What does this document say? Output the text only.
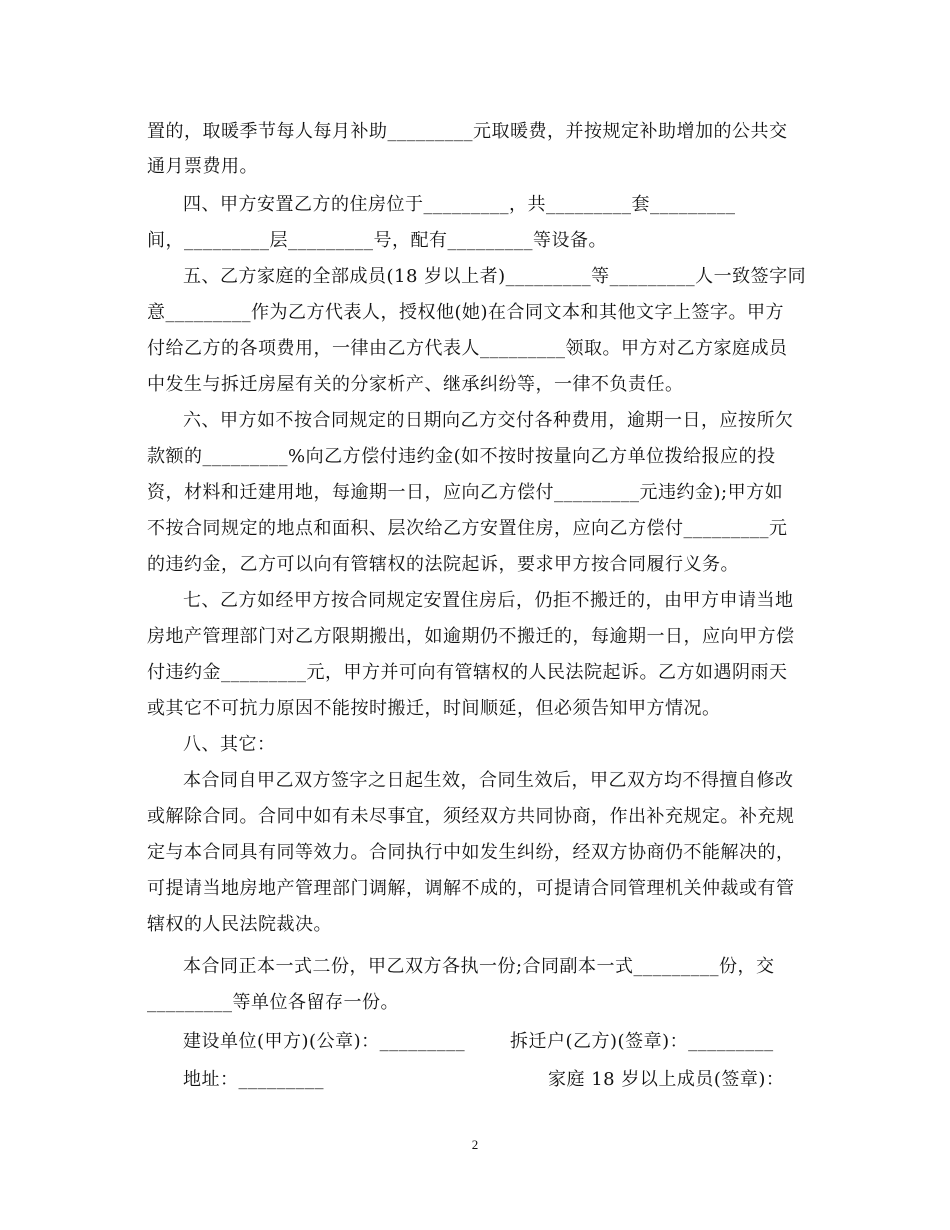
置的，取暖季节每人每月补助_________元取暖费，并按规定补助增加的公共交
通月票费用。
四、甲方安置乙方的住房位于_________，共_________套_________
间，_________层_________号，配有_________等设备。
五、乙方家庭的全部成员(18 岁以上者)_________等_________人一致签字同
意_________作为乙方代表人，授权他(她)在合同文本和其他文字上签字。甲方
付给乙方的各项费用，一律由乙方代表人_________领取。甲方对乙方家庭成员
中发生与拆迁房屋有关的分家析产、继承纠纷等，一律不负责任。
六、甲方如不按合同规定的日期向乙方交付各种费用，逾期一日，应按所欠
款额的_________%向乙方偿付违约金(如不按时按量向乙方单位拨给报应的投
资，材料和迁建用地，每逾期一日，应向乙方偿付_________元违约金);甲方如
不按合同规定的地点和面积、层次给乙方安置住房，应向乙方偿付_________元
的违约金，乙方可以向有管辖权的法院起诉，要求甲方按合同履行义务。
七、乙方如经甲方按合同规定安置住房后，仍拒不搬迁的，由甲方申请当地
房地产管理部门对乙方限期搬出，如逾期仍不搬迁的，每逾期一日，应向甲方偿
付违约金_________元，甲方并可向有管辖权的人民法院起诉。乙方如遇阴雨天
或其它不可抗力原因不能按时搬迁，时间顺延，但必须告知甲方情况。
八、其它：
本合同自甲乙双方签字之日起生效，合同生效后，甲乙双方均不得擅自修改
或解除合同。合同中如有未尽事宜，须经双方共同协商，作出补充规定。补充规
定与本合同具有同等效力。合同执行中如发生纠纷，经双方协商仍不能解决的，
可提请当地房地产管理部门调解，调解不成的，可提请合同管理机关仲裁或有管
辖权的人民法院裁决。
本合同正本一式二份，甲乙双方各执一份;合同副本一式_________份，交
_________等单位各留存一份。
建设单位(甲方)(公章)：_________ 拆迁户(乙方)(签章)：_________
地址：_________	家庭 18 岁以上成员(签章)：
2
